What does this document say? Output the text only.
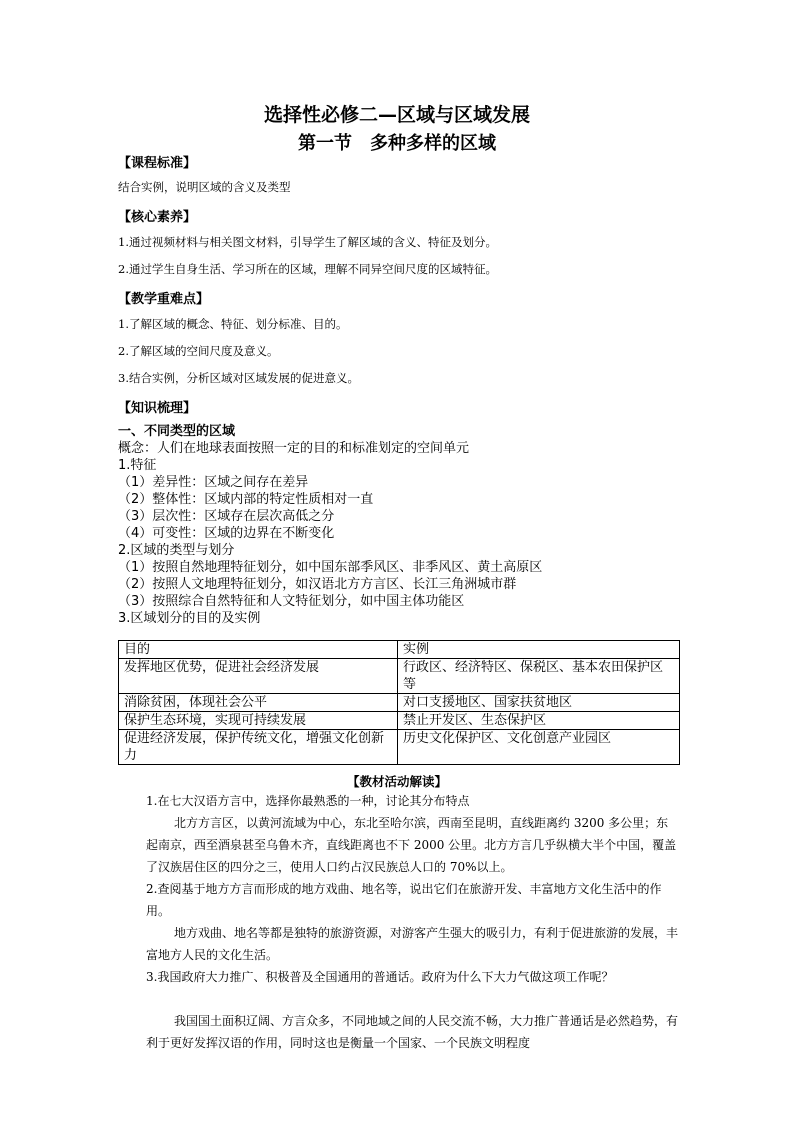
选择性必修二—区域与区域发展
第一节　多种多样的区域
【课程标准】
结合实例，说明区域的含义及类型
【核心素养】
1.通过视频材料与相关图文材料，引导学生了解区域的含义、特征及划分。
2.通过学生自身生活、学习所在的区域，理解不同异空间尺度的区域特征。
【教学重难点】
1.了解区域的概念、特征、划分标准、目的。
2.了解区域的空间尺度及意义。
3.结合实例，分析区域对区域发展的促进意义。
【知识梳理】
一、不同类型的区域
概念：人们在地球表面按照一定的目的和标准划定的空间单元
1.特征
（1）差异性：区域之间存在差异
（2）整体性：区域内部的特定性质相对一直
（3）层次性：区域存在层次高低之分
（4）可变性：区域的边界在不断变化
2.区域的类型与划分
（1）按照自然地理特征划分，如中国东部季风区、非季风区、黄土高原区
（2）按照人文地理特征划分，如汉语北方方言区、长江三角洲城市群
（3）按照综合自然特征和人文特征划分，如中国主体功能区
3.区域划分的目的及实例
目的	实例
发挥地区优势，促进社会经济发展	行政区、经济特区、保税区、基本农田保护区等
消除贫困，体现社会公平	对口支援地区、国家扶贫地区
保护生态环境，实现可持续发展	禁止开发区、生态保护区
促进经济发展，保护传统文化，增强文化创新力	历史文化保护区、文化创意产业园区
【教材活动解读】
1.在七大汉语方言中，选择你最熟悉的一种，讨论其分布特点
北方方言区，以黄河流域为中心，东北至哈尔滨，西南至昆明，直线距离约 3200 多公里；东起南京，西至酒泉甚至乌鲁木齐，直线距离也不下 2000 公里。北方方言几乎纵横大半个中国，覆盖了汉族居住区的四分之三，使用人口约占汉民族总人口的 70%以上。
2.查阅基于地方方言而形成的地方戏曲、地名等，说出它们在旅游开发、丰富地方文化生活中的作用。
地方戏曲、地名等都是独特的旅游资源，对游客产生强大的吸引力，有利于促进旅游的发展，丰富地方人民的文化生活。
3.我国政府大力推广、积极普及全国通用的普通话。政府为什么下大力气做这项工作呢？
我国国土面积辽阔、方言众多，不同地域之间的人民交流不畅，大力推广普通话是必然趋势，有利于更好发挥汉语的作用，同时这也是衡量一个国家、一个民族文明程度
